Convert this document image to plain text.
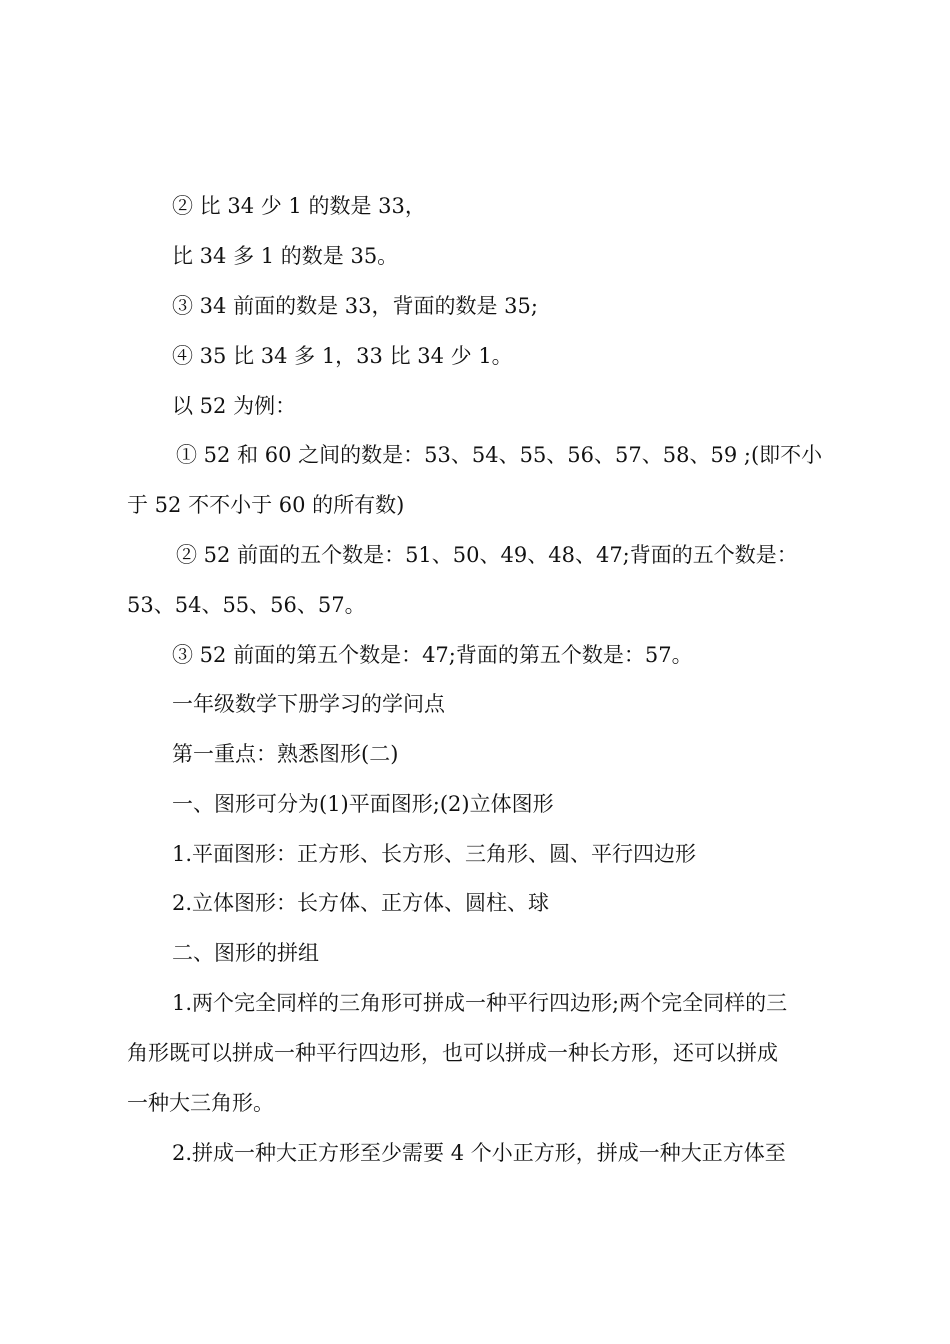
② 比 34 少 1 的数是 33，
比 34 多 1 的数是 35。
③ 34 前面的数是 33，背面的数是 35;
④ 35 比 34 多 1，33 比 34 少 1。
以 52 为例：
① 52 和 60 之间的数是：53、54、55、56、57、58、59 ;(即不小
于 52 不不小于 60 的所有数)
② 52 前面的五个数是：51、50、49、48、47;背面的五个数是：
53、54、55、56、57。
③ 52 前面的第五个数是：47;背面的第五个数是：57。
一年级数学下册学习的学问点
第一重点：熟悉图形(二)
一、图形可分为(1)平面图形;(2)立体图形
1.平面图形：正方形、长方形、三角形、圆、平行四边形
2.立体图形：长方体、正方体、圆柱、球
二、图形的拼组
1.两个完全同样的三角形可拼成一种平行四边形;两个完全同样的三
角形既可以拼成一种平行四边形，也可以拼成一种长方形，还可以拼成
一种大三角形。
2.拼成一种大正方形至少需要 4 个小正方形，拼成一种大正方体至
